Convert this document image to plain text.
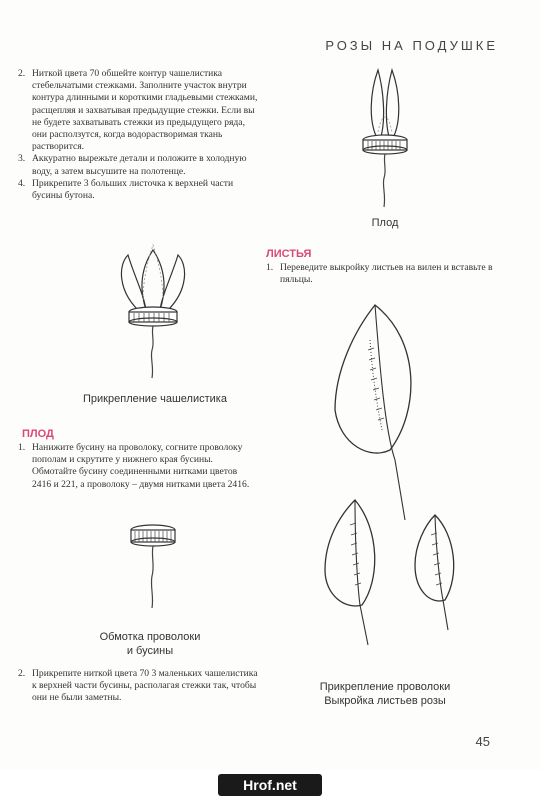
РОЗЫ НА ПОДУШКЕ
2. Ниткой цвета 70 обшейте контур чашелистика стебельчатыми стежками. Заполните участок внутри контура длинными и короткими гладьевыми стежками, расщепляя и захватывая предыдущие стежки. Если вы не будете захватывать стежки из предыдущего ряда, они расползутся, когда водорастворимая ткань растворится.
3. Аккуратно вырежьте детали и положите в холодную воду, а затем высушите на полотенце.
4. Прикрепите 3 больших листочка к верхней части бусины бутона.
Плод
Прикрепление чашелистика
ЛИСТЬЯ
1. Переведите выкройку листьев на вилен и вставьте в пяльцы.
ПЛОД
1. Нанижите бусину на проволоку, согните проволоку пополам и скрутите у нижнего края бусины. Обмотайте бусину соединенными нитками цветов 2416 и 221, а проволоку – двумя нитками цвета 2416.
Обмотка проволоки
и бусины
2. Прикрепите ниткой цвета 70 3 маленьких чашелистика к верхней части бусины, располагая стежки так, чтобы они не были заметны.
Прикрепление проволоки
Выкройка листьев розы
45
Hrof.net
